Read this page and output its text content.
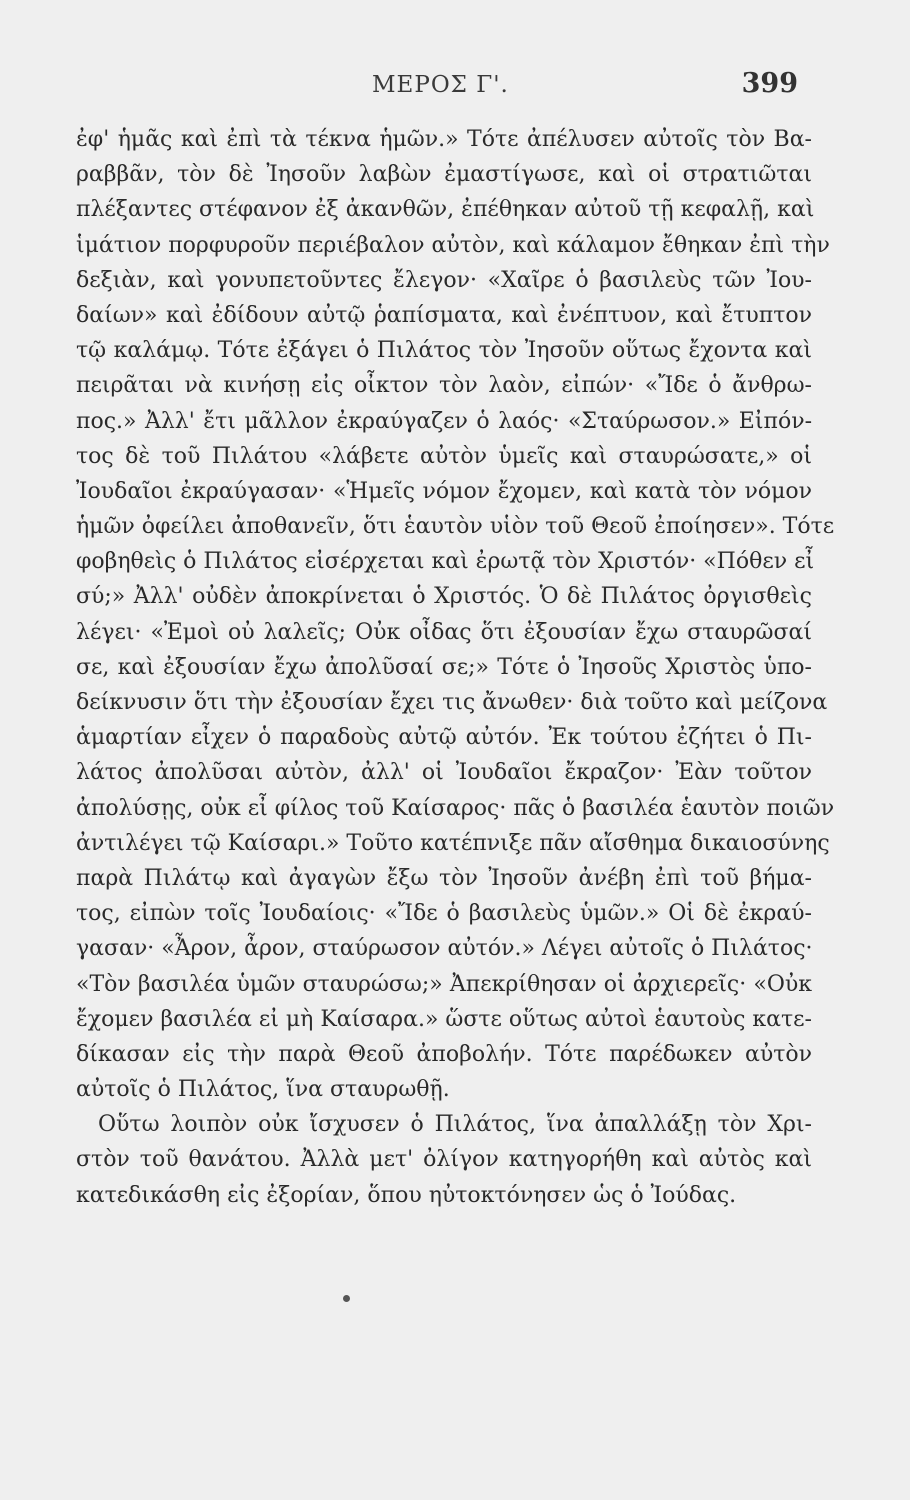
ΜΕΡΟΣ Γ'.	399
ἐφ' ἡμᾶς καὶ ἐπὶ τὰ τέκνα ἡμῶν.» Τότε ἀπέλυσεν αὐτοῖς τὸν Βα-
ραββᾶν, τὸν δὲ Ἰησοῦν λαβὼν ἐμαστίγωσε, καὶ οἱ στρατιῶται
πλέξαντες στέφανον ἐξ ἀκανθῶν, ἐπέθηκαν αὐτοῦ τῇ κεφαλῇ, καὶ
ἱμάτιον πορφυροῦν περιέβαλον αὐτὸν, καὶ κάλαμον ἔθηκαν ἐπὶ τὴν
δεξιὰν, καὶ γονυπετοῦντες ἔλεγον· «Χαῖρε ὁ βασιλεὺς τῶν Ἰου-
δαίων» καὶ ἐδίδουν αὐτῷ ῥαπίσματα, καὶ ἐνέπτυον, καὶ ἔτυπτον
τῷ καλάμῳ. Τότε ἐξάγει ὁ Πιλάτος τὸν Ἰησοῦν οὕτως ἔχοντα καὶ
πειρᾶται νὰ κινήσῃ εἰς οἶκτον τὸν λαὸν, εἰπών· «Ἴδε ὁ ἄνθρω-
πος.» Ἀλλ' ἔτι μᾶλλον ἐκραύγαζεν ὁ λαός· «Σταύρωσον.» Εἰπόν-
τος δὲ τοῦ Πιλάτου «λάβετε αὐτὸν ὑμεῖς καὶ σταυρώσατε,» οἱ
Ἰουδαῖοι ἐκραύγασαν· «Ἡμεῖς νόμον ἔχομεν, καὶ κατὰ τὸν νόμον
ἡμῶν ὀφείλει ἀποθανεῖν, ὅτι ἑαυτὸν υἱὸν τοῦ Θεοῦ ἐποίησεν». Τότε
φοβηθεὶς ὁ Πιλάτος εἰσέρχεται καὶ ἐρωτᾷ τὸν Χριστόν· «Πόθεν εἶ
σύ;» Ἀλλ' οὐδὲν ἀποκρίνεται ὁ Χριστός. Ὁ δὲ Πιλάτος ὀργισθεὶς
λέγει· «Ἐμοὶ οὐ λαλεῖς; Οὐκ οἶδας ὅτι ἐξουσίαν ἔχω σταυρῶσαί
σε, καὶ ἐξουσίαν ἔχω ἀπολῦσαί σε;» Τότε ὁ Ἰησοῦς Χριστὸς ὑπο-
δείκνυσιν ὅτι τὴν ἐξουσίαν ἔχει τις ἄνωθεν· διὰ τοῦτο καὶ μείζονα
ἁμαρτίαν εἶχεν ὁ παραδοὺς αὐτῷ αὐτόν. Ἐκ τούτου ἐζήτει ὁ Πι-
λάτος ἀπολῦσαι αὐτὸν, ἀλλ' οἱ Ἰουδαῖοι ἔκραζον· Ἐὰν τοῦτον
ἀπολύσῃς, οὐκ εἶ φίλος τοῦ Καίσαρος· πᾶς ὁ βασιλέα ἑαυτὸν ποιῶν
ἀντιλέγει τῷ Καίσαρι.» Τοῦτο κατέπνιξε πᾶν αἴσθημα δικαιοσύνης
παρὰ Πιλάτῳ καὶ ἀγαγὼν ἔξω τὸν Ἰησοῦν ἀνέβη ἐπὶ τοῦ βήμα-
τος, εἰπὼν τοῖς Ἰουδαίοις· «Ἴδε ὁ βασιλεὺς ὑμῶν.» Οἱ δὲ ἐκραύ-
γασαν· «Ἆρον, ἆρον, σταύρωσον αὐτόν.» Λέγει αὐτοῖς ὁ Πιλάτος·
«Τὸν βασιλέα ὑμῶν σταυρώσω;» Ἀπεκρίθησαν οἱ ἀρχιερεῖς· «Οὐκ
ἔχομεν βασιλέα εἰ μὴ Καίσαρα.» ὥστε οὕτως αὐτοὶ ἑαυτοὺς κατε-
δίκασαν εἰς τὴν παρὰ Θεοῦ ἀποβολήν. Τότε παρέδωκεν αὐτὸν
αὐτοῖς ὁ Πιλάτος, ἵνα σταυρωθῇ.
Οὕτω λοιπὸν οὐκ ἴσχυσεν ὁ Πιλάτος, ἵνα ἀπαλλάξῃ τὸν Χρι-
στὸν τοῦ θανάτου. Ἀλλὰ μετ' ὀλίγον κατηγορήθη καὶ αὐτὸς καὶ
κατεδικάσθη εἰς ἐξορίαν, ὅπου ηὐτοκτόνησεν ὡς ὁ Ἰούδας.
